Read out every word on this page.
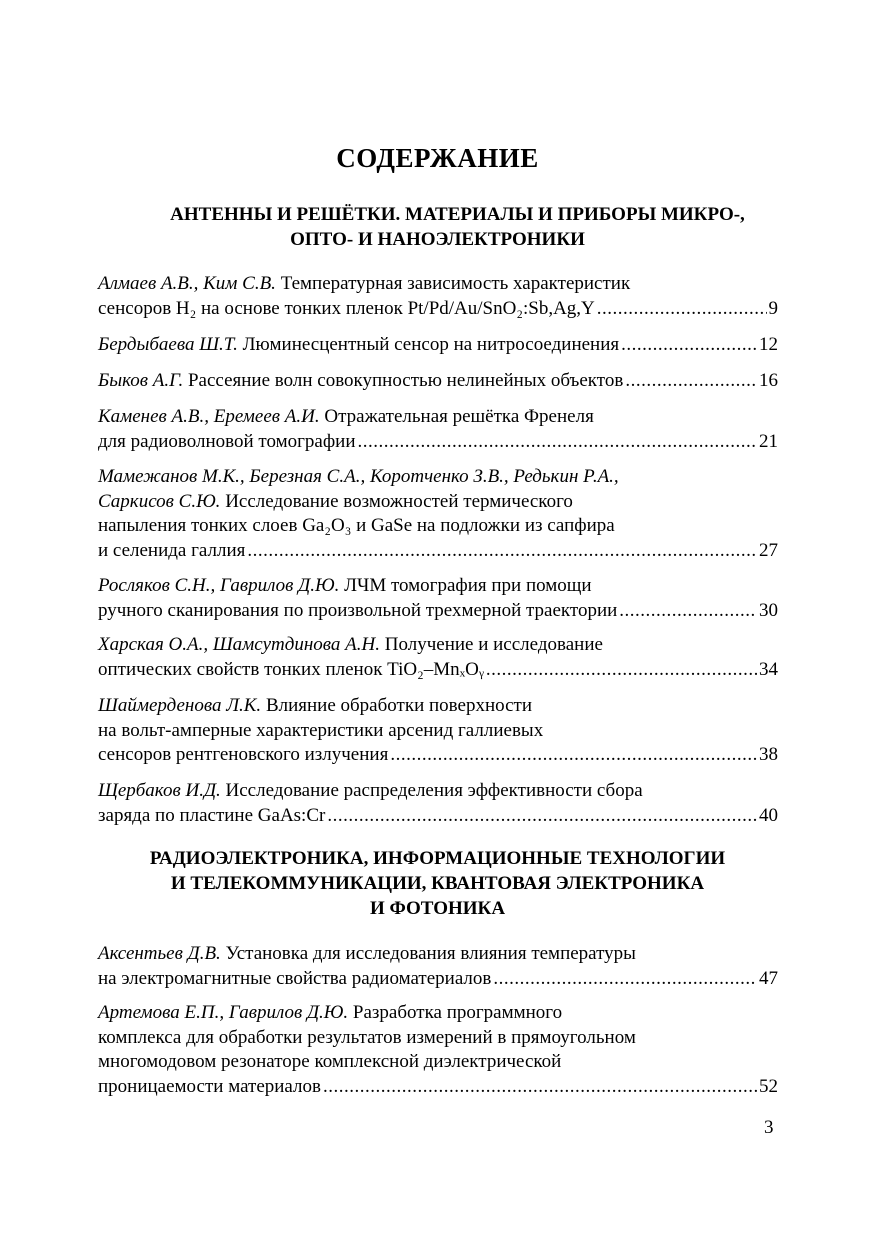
СОДЕРЖАНИЕ
АНТЕННЫ И РЕШЁТКИ. МАТЕРИАЛЫ И ПРИБОРЫ МИКРО-,
ОПТО- И НАНОЭЛЕКТРОНИКИ
Алмаев А.В., Ким С.В. Температурная зависимость характеристик
сенсоров H₂ на основе тонких пленок Pt/Pd/Au/SnO₂:Sb,Ag,Y .....	9
Бердыбаева Ш.Т. Люминесцентный сенсор на нитросоединения .....	12
Быков А.Г. Рассеяние волн совокупностью нелинейных объектов .....	16
Каменев А.В., Еремеев А.И. Отражательная решётка Френеля
для радиоволновой томографии .....	21
Мамежанов М.К., Березная С.А., Коротченко З.В., Редькин Р.А.,
Саркисов С.Ю. Исследование возможностей термического
напыления тонких слоев Ga₂O₃ и GaSe на подложки из сапфира
и селенида галлия .....	27
Росляков С.Н., Гаврилов Д.Ю. ЛЧМ томография при помощи
ручного сканирования по произвольной трехмерной траектории .....	30
Харская О.А., Шамсутдинова А.Н. Получение и исследование
оптических свойств тонких пленок TiO₂–MnₓOᵧ .....	34
Шаймерденова Л.К. Влияние обработки поверхности
на вольт-амперные характеристики арсенид галлиевых
сенсоров рентгеновского излучения .....	38
Щербаков И.Д. Исследование распределения эффективности сбора
заряда по пластине GaAs:Cr .....	40
РАДИОЭЛЕКТРОНИКА, ИНФОРМАЦИОННЫЕ ТЕХНОЛОГИИ
И ТЕЛЕКОММУНИКАЦИИ, КВАНТОВАЯ ЭЛЕКТРОНИКА
И ФОТОНИКА
Аксентьев Д.В. Установка для исследования влияния температуры
на электромагнитные свойства радиоматериалов .....	47
Артемова Е.П., Гаврилов Д.Ю. Разработка программного
комплекса для обработки результатов измерений в прямоугольном
многомодовом резонаторе комплексной диэлектрической
проницаемости материалов .....	52
3
